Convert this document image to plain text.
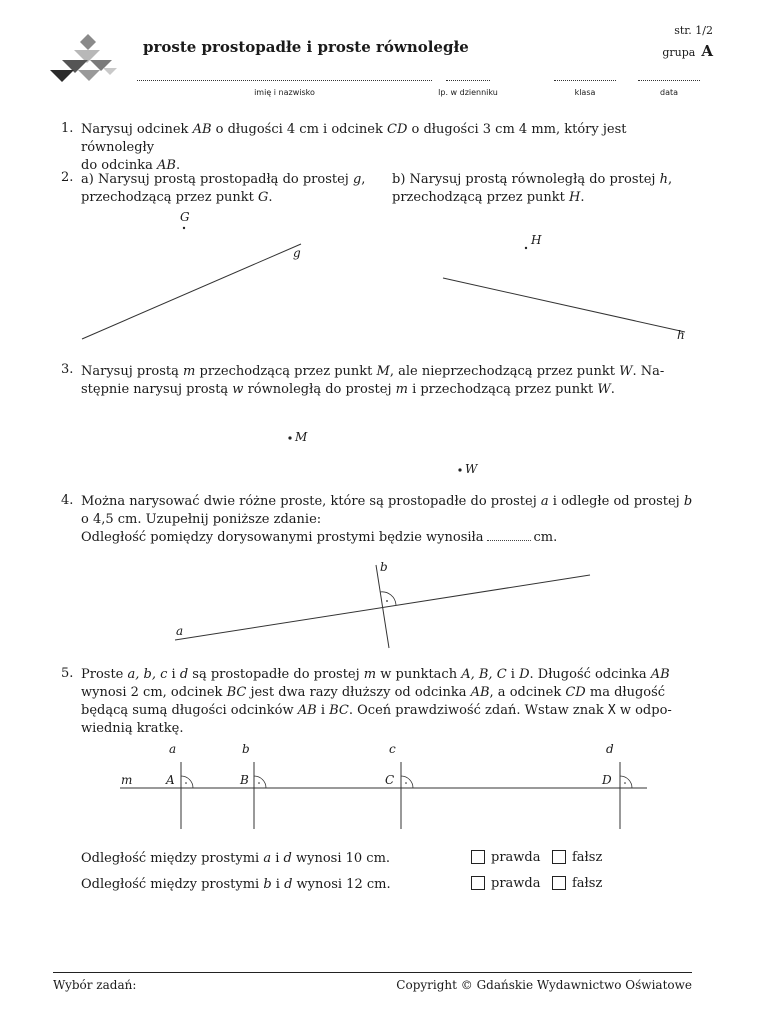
proste prostopadłe i proste równoległe
str. 1/2
grupa A
imię i nazwisko	lp. w dzienniku	klasa	data
1. Narysuj odcinek AB o długości 4 cm i odcinek CD o długości 3 cm 4 mm, który jest równoległy
do odcinka AB.
2. a) Narysuj prostą prostopadłą do prostej g,
przechodzącą przez punkt G.
b) Narysuj prostą równoległą do prostej h,
przechodzącą przez punkt H.
G
g
H
h
3. Narysuj prostą m przechodzącą przez punkt M, ale nieprzechodzącą przez punkt W. Na-
stępnie narysuj prostą w równoległą do prostej m i przechodzącą przez punkt W.
M
W
4. Można narysować dwie różne proste, które są prostopadłe do prostej a i odległe od prostej b
o 4,5 cm. Uzupełnij poniższe zdanie:
Odległość pomiędzy dorysowanymi prostymi będzie wynosiła	cm.
b
a
5. Proste a, b, c i d są prostopadłe do prostej m w punktach A, B, C i D. Długość odcinka AB
wynosi 2 cm, odcinek BC jest dwa razy dłuższy od odcinka AB, a odcinek CD ma długość
będącą sumą długości odcinków AB i BC. Oceń prawdziwość zdań. Wstaw znak X w odpo-
wiednią kratkę.
a	b	c	d
m	A	B	C	D
Odległość między prostymi a i d wynosi 10 cm.	prawda	fałsz
Odległość między prostymi b i d wynosi 12 cm.	prawda	fałsz
Wybór zadań:	Copyright © Gdańskie Wydawnictwo Oświatowe
